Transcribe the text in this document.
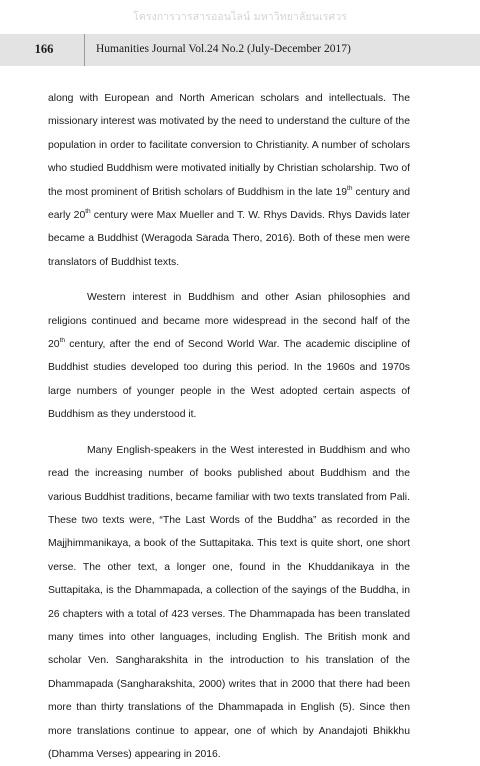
โครงการวารสารออนไลน์ มหาวิทยาลัยนเรศวร
166	Humanities Journal Vol.24 No.2 (July-December 2017)

along with European and North American scholars and intellectuals. The missionary interest was motivated by the need to understand the culture of the population in order to facilitate conversion to Christianity. A number of scholars who studied Buddhism were motivated initially by Christian scholarship. Two of the most prominent of British scholars of Buddhism in the late 19th century and early 20th century were Max Mueller and T. W. Rhys Davids. Rhys Davids later became a Buddhist (Weragoda Sarada Thero, 2016). Both of these men were translators of Buddhist texts.

Western interest in Buddhism and other Asian philosophies and religions continued and became more widespread in the second half of the 20th century, after the end of Second World War. The academic discipline of Buddhist studies developed too during this period. In the 1960s and 1970s large numbers of younger people in the West adopted certain aspects of Buddhism as they understood it.

Many English-speakers in the West interested in Buddhism and who read the increasing number of books published about Buddhism and the various Buddhist traditions, became familiar with two texts translated from Pali. These two texts were, “The Last Words of the Buddha” as recorded in the Majjhimmanikaya, a book of the Suttapitaka. This text is quite short, one short verse. The other text, a longer one, found in the Khuddanikaya in the Suttapitaka, is the Dhammapada, a collection of the sayings of the Buddha, in 26 chapters with a total of 423 verses. The Dhammapada has been translated many times into other languages, including English. The British monk and scholar Ven. Sangharakshita in the introduction to his translation of the Dhammapada (Sangharakshita, 2000) writes that in 2000 that there had been more than thirty translations of the Dhammapada in English (5). Since then more translations continue to appear, one of which by Anandajoti Bhikkhu (Dhamma Verses) appearing in 2016.
